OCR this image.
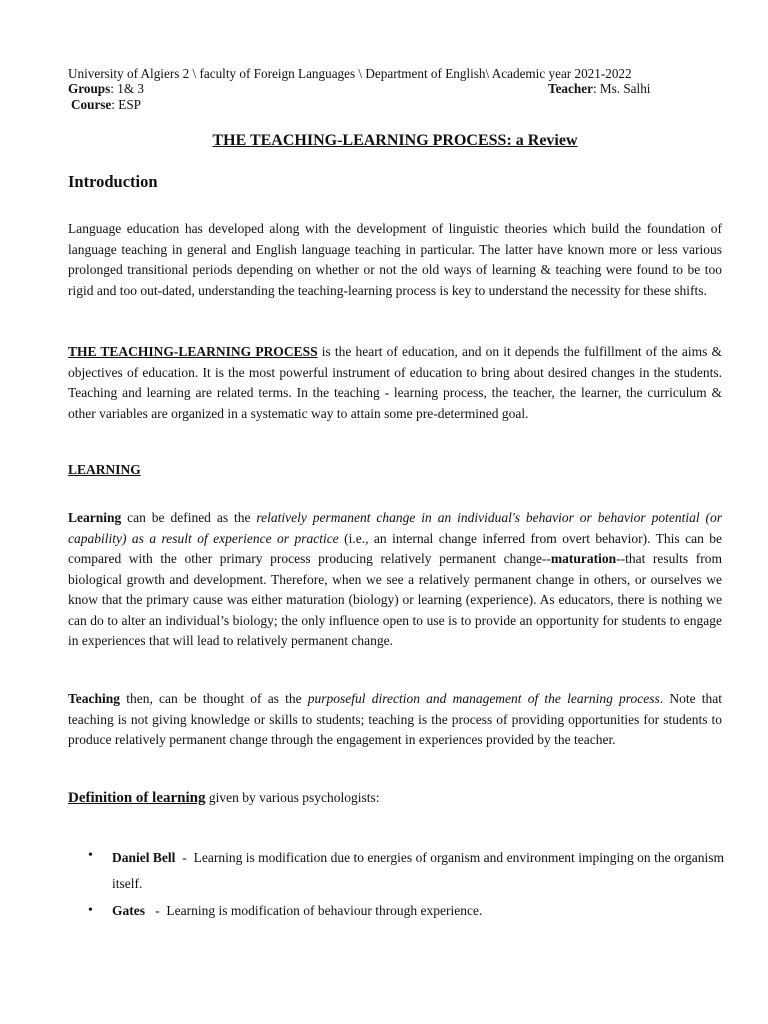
University of Algiers 2 \ faculty of Foreign Languages \ Department of English\ Academic year 2021-2022
Groups: 1& 3	Teacher: Ms. Salhi
Course: ESP
THE TEACHING-LEARNING PROCESS: a Review
Introduction
Language education has developed along with the development of linguistic theories which build the foundation of language teaching in general and English language teaching in particular. The latter have known more or less various prolonged transitional periods depending on whether or not the old ways of learning & teaching were found to be too rigid and too out-dated, understanding the teaching-learning process is key to understand the necessity for these shifts.
THE TEACHING-LEARNING PROCESS is the heart of education, and on it depends the fulfillment of the aims & objectives of education. It is the most powerful instrument of education to bring about desired changes in the students. Teaching and learning are related terms. In the teaching - learning process, the teacher, the learner, the curriculum & other variables are organized in a systematic way to attain some pre-determined goal.
LEARNING
Learning can be defined as the relatively permanent change in an individual's behavior or behavior potential (or capability) as a result of experience or practice (i.e., an internal change inferred from overt behavior). This can be compared with the other primary process producing relatively permanent change--maturation--that results from biological growth and development. Therefore, when we see a relatively permanent change in others, or ourselves we know that the primary cause was either maturation (biology) or learning (experience). As educators, there is nothing we can do to alter an individual’s biology; the only influence open to use is to provide an opportunity for students to engage in experiences that will lead to relatively permanent change.
Teaching then, can be thought of as the purposeful direction and management of the learning process. Note that teaching is not giving knowledge or skills to students; teaching is the process of providing opportunities for students to produce relatively permanent change through the engagement in experiences provided by the teacher.
Definition of learning given by various psychologists:
• Daniel Bell  -  Learning is modification due to energies of organism and environment impinging on the organism itself.
• Gates   -  Learning is modification of behaviour through experience.
